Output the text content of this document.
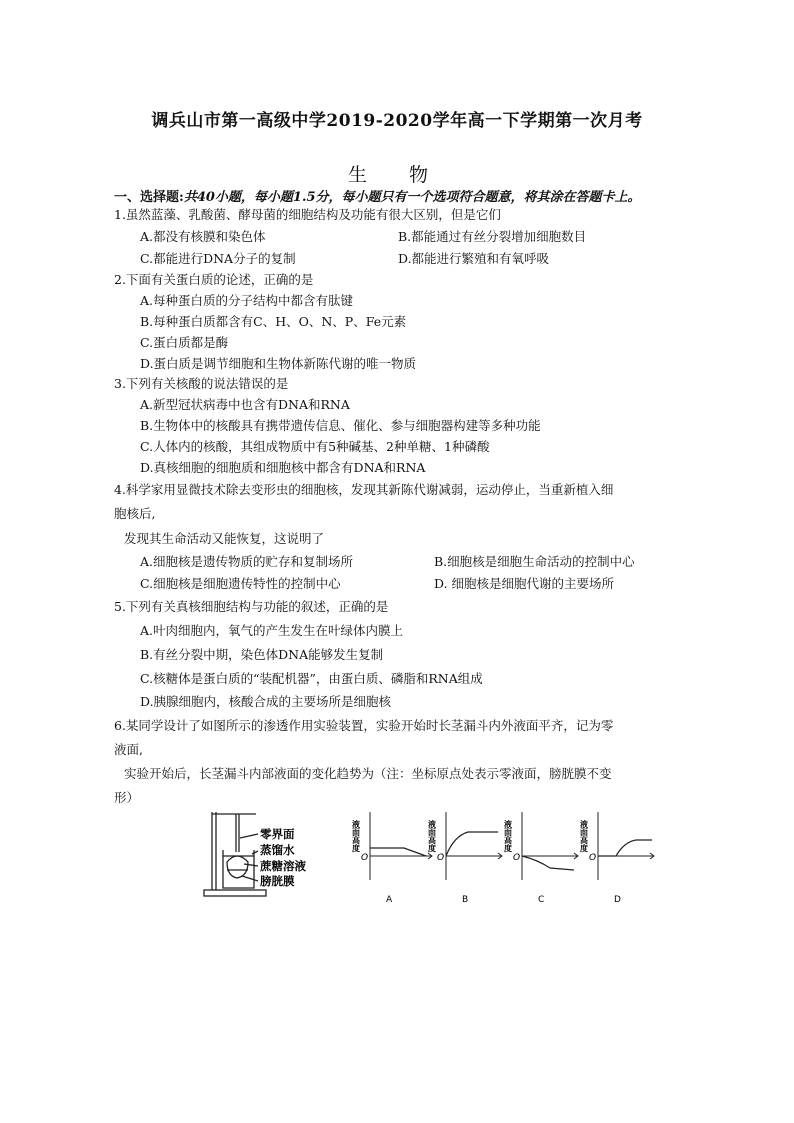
调兵山市第一高级中学2019-2020学年高一下学期第一次月考
生 物
一、选择题:共40小题，每小题1.5分，每小题只有一个选项符合题意，将其涂在答题卡上。
1.虽然蓝藻、乳酸菌、酵母菌的细胞结构及功能有很大区别，但是它们
A.都没有核膜和染色体	B.都能通过有丝分裂增加细胞数目
C.都能进行DNA分子的复制	D.都能进行繁殖和有氧呼吸
2.下面有关蛋白质的论述，正确的是
A.每种蛋白质的分子结构中都含有肽键
B.每种蛋白质都含有C、H、O、N、P、Fe元素
C.蛋白质都是酶
D.蛋白质是调节细胞和生物体新陈代谢的唯一物质
3.下列有关核酸的说法错误的是
A.新型冠状病毒中也含有DNA和RNA
B.生物体中的核酸具有携带遗传信息、催化、参与细胞器构建等多种功能
C.人体内的核酸，其组成物质中有5种碱基、2种单糖、1种磷酸
D.真核细胞的细胞质和细胞核中都含有DNA和RNA
4.科学家用显微技术除去变形虫的细胞核，发现其新陈代谢减弱，运动停止，当重新植入细
胞核后,
发现其生命活动又能恢复，这说明了
A.细胞核是遗传物质的贮存和复制场所	B.细胞核是细胞生命活动的控制中心
C.细胞核是细胞遗传特性的控制中心	D. 细胞核是细胞代谢的主要场所
5.下列有关真核细胞结构与功能的叙述，正确的是
A.叶肉细胞内，氧气的产生发生在叶绿体内膜上
B.有丝分裂中期，染色体DNA能够发生复制
C.核糖体是蛋白质的“装配机器”，由蛋白质、磷脂和RNA组成
D.胰腺细胞内，核酸合成的主要场所是细胞核
6.某同学设计了如图所示的渗透作用实验装置，实验开始时长茎漏斗内外液面平齐，记为零
液面,
实验开始后，长茎漏斗内部液面的变化趋势为（注：坐标原点处表示零液面，膀胱膜不变
形）
零界面
蒸馏水
蔗糖溶液
膀胱膜
液面高度
O
A
液面高度
O
B
液面高度
O
C
液面高度
O
D
